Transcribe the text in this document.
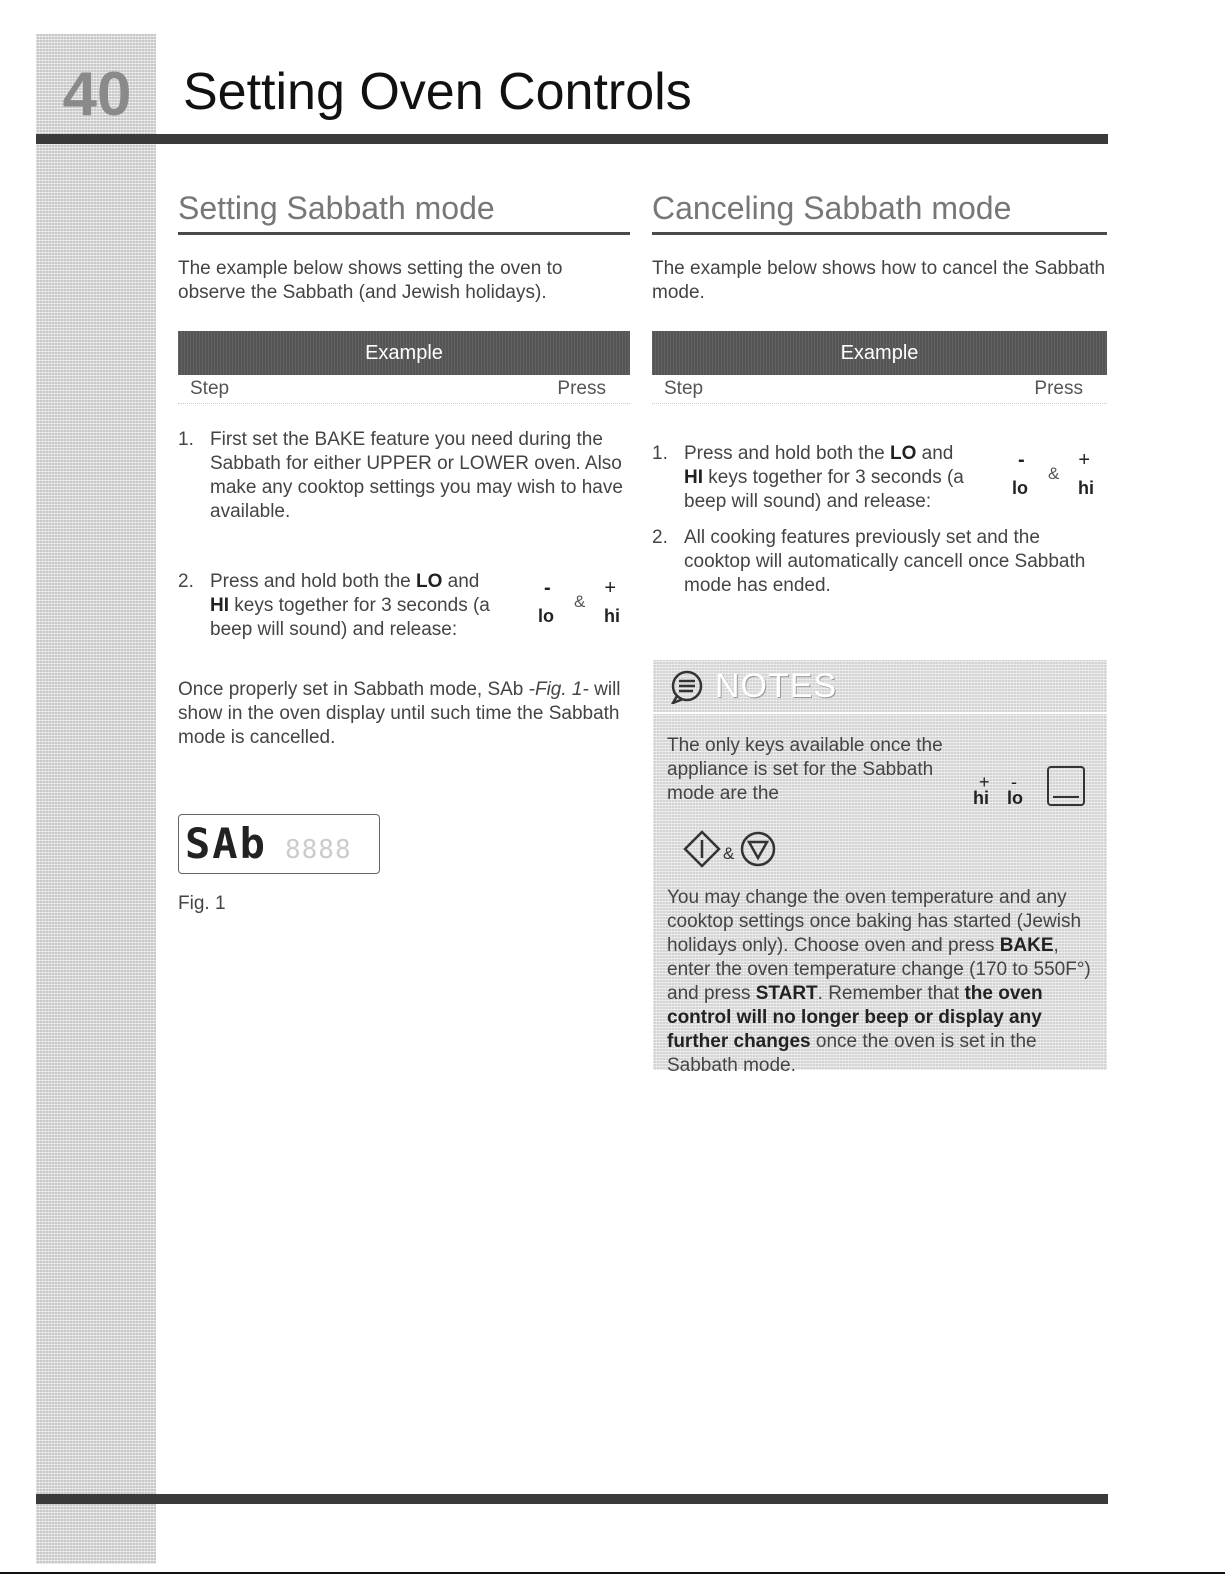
40 Setting Oven Controls
Setting Sabbath mode

The example below shows setting the oven to observe the Sabbath (and Jewish holidays).

Example
Step	Press
1. First set the BAKE feature you need during the Sabbath for either UPPER or LOWER oven. Also make any cooktop settings you may wish to have available.
2. Press and hold both the LO and HI keys together for 3 seconds (a beep will sound) and release:
-	+
&
lo	hi

Once properly set in Sabbath mode, SAb -Fig. 1- will show in the oven display until such time the Sabbath mode is cancelled.

SAb 8888
Fig. 1
Canceling Sabbath mode

The example below shows how to cancel the Sabbath mode.

Example
Step	Press
1. Press and hold both the LO and HI keys together for 3 seconds (a beep will sound) and release:
-	+
&
lo	hi
2. All cooking features previously set and the cooktop will automatically cancell once Sabbath mode has ended.
NOTES

The only keys available once the appliance is set for the Sabbath mode are the

+ -
hi lo
&

You may change the oven temperature and any cooktop settings once baking has started (Jewish holidays only). Choose oven and press BAKE, enter the oven temperature change (170 to 550F°) and press START. Remember that the oven control will no longer beep or display any further changes once the oven is set in the Sabbath mode.
